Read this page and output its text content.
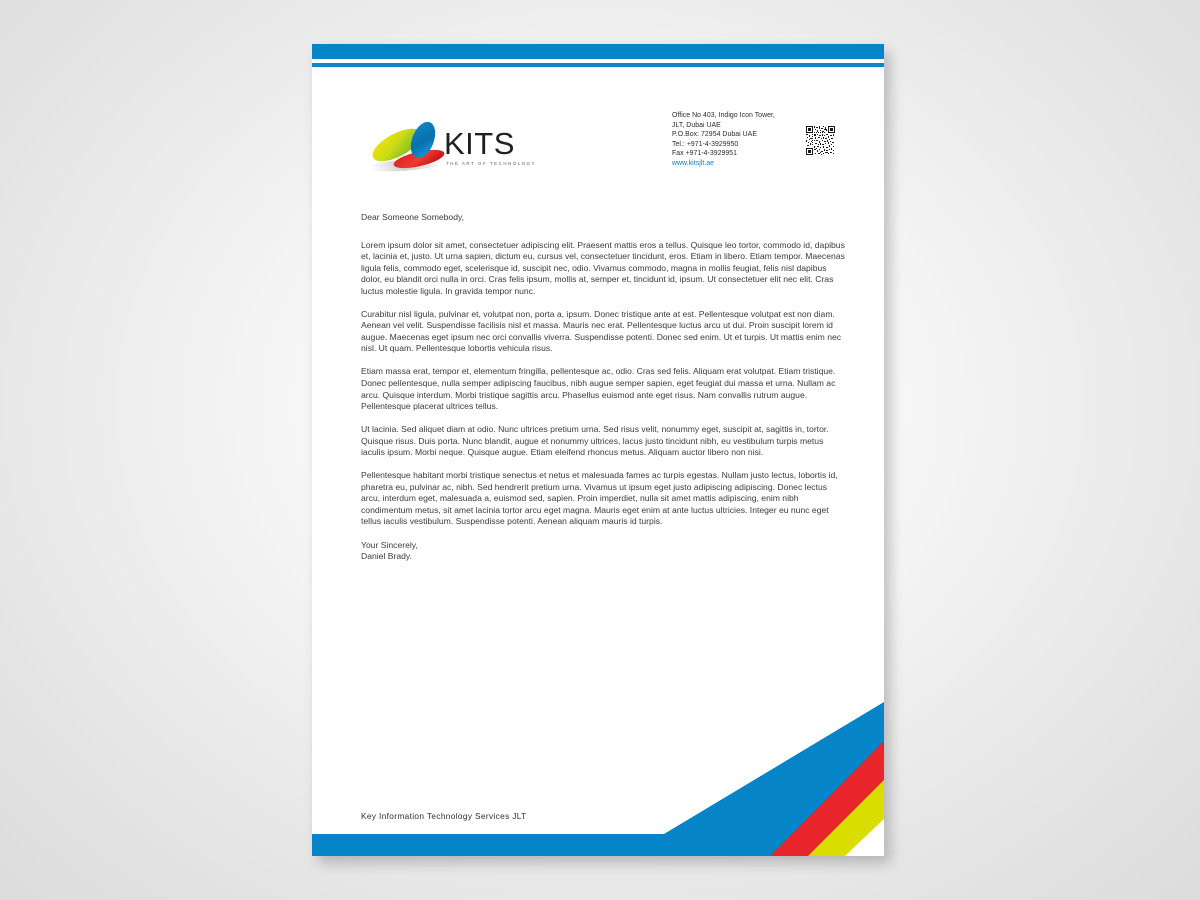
KITS
THE ART OF TECHNOLOGY
Office No 403, Indigo Icon Tower,
JLT, Dubai UAE
P.O.Box: 72954 Dubai UAE
Tel.: +971-4-3929950
Fax +971-4-3929951
www.kitsjlt.ae

Dear Someone Somebody,

Lorem ipsum dolor sit amet, consectetuer adipiscing elit. Praesent mattis eros a tellus. Quisque leo tortor, commodo id, dapibus et, lacinia et, justo. Ut urna sapien, dictum eu, cursus vel, consectetuer tincidunt, eros. Etiam in libero. Etiam tempor. Maecenas ligula felis, commodo eget, scelerisque id, suscipit nec, odio. Vivamus commodo, magna in mollis feugiat, felis nisl dapibus dolor, eu blandit orci nulla in orci. Cras felis ipsum, mollis at, semper et, tincidunt id, ipsum. Ut consectetuer elit nec elit. Cras luctus molestie ligula. In gravida tempor nunc.

Curabitur nisl ligula, pulvinar et, volutpat non, porta a, ipsum. Donec tristique ante at est. Pellentesque volutpat est non diam. Aenean vel velit. Suspendisse facilisis nisl et massa. Mauris nec erat. Pellentesque luctus arcu ut dui. Proin suscipit lorem id augue. Maecenas eget ipsum nec orci convallis viverra. Suspendisse potenti. Donec sed enim. Ut et turpis. Ut mattis enim nec nisl. Ut quam. Pellentesque lobortis vehicula risus.

Etiam massa erat, tempor et, elementum fringilla, pellentesque ac, odio. Cras sed felis. Aliquam erat volutpat. Etiam tristique. Donec pellentesque, nulla semper adipiscing faucibus, nibh augue semper sapien, eget feugiat dui massa et urna. Nullam ac arcu. Quisque interdum. Morbi tristique sagittis arcu. Phasellus euismod ante eget risus. Nam convallis rutrum augue. Pellentesque placerat ultrices tellus.

Ut lacinia. Sed aliquet diam at odio. Nunc ultrices pretium urna. Sed risus velit, nonummy eget, suscipit at, sagittis in, tortor. Quisque risus. Duis porta. Nunc blandit, augue et nonummy ultrices, lacus justo tincidunt nibh, eu vestibulum turpis metus iaculis ipsum. Morbi neque. Quisque augue. Etiam eleifend rhoncus metus. Aliquam auctor libero non nisi.

Pellentesque habitant morbi tristique senectus et netus et malesuada fames ac turpis egestas. Nullam justo lectus, lobortis id, pharetra eu, pulvinar ac, nibh. Sed hendrerit pretium urna. Vivamus ut ipsum eget justo adipiscing adipiscing. Donec lectus arcu, interdum eget, malesuada a, euismod sed, sapien. Proin imperdiet, nulla sit amet mattis adipiscing, enim nibh condimentum metus, sit amet lacinia tortor arcu eget magna. Mauris eget enim at ante luctus ultricies. Integer eu nunc eget tellus iaculis vestibulum. Suspendisse potenti. Aenean aliquam mauris id turpis.

Your Sincerely,
Daniel Brady.

Key Information Technology Services JLT
